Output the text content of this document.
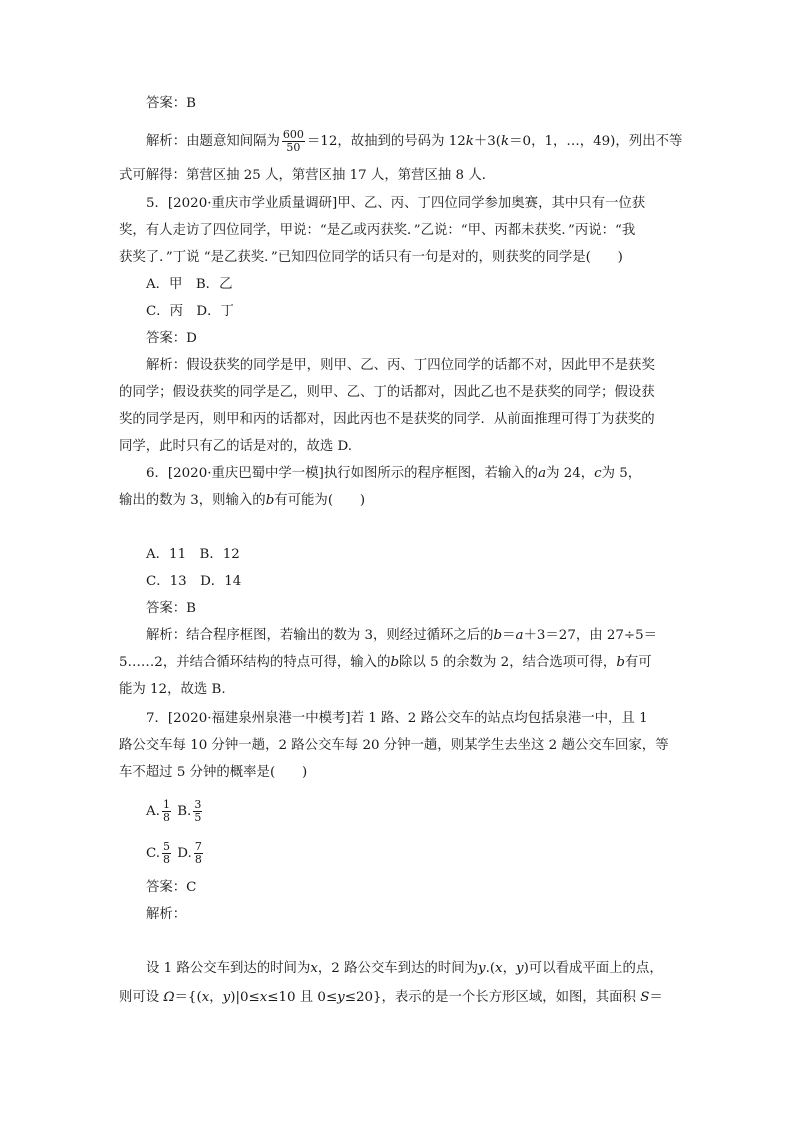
答案：B
解析：由题意知间隔为 $\frac{600}{50} =12$，故抽到的号码为 12k＋3(k＝0，1，…，49)，列出不等
式可解得：第营区抽 25 人，第营区抽 17 人，第营区抽 8 人．
5．[2020·重庆市学业质量调研]甲、乙、丙、丁四位同学参加奥赛，其中只有一位获
奖，有人走访了四位同学，甲说：“是乙或丙获奖．”乙说：“甲、丙都未获奖．”丙说：“我
获奖了．”丁说 “是乙获奖．”已知四位同学的话只有一句是对的，则获奖的同学是(　　)
A．甲　B．乙
C．丙　D．丁
答案：D
解析：假设获奖的同学是甲，则甲、乙、丙、丁四位同学的话都不对，因此甲不是获奖
的同学；假设获奖的同学是乙，则甲、乙、丁的话都对，因此乙也不是获奖的同学；假设获
奖的同学是丙，则甲和丙的话都对，因此丙也不是获奖的同学．从前面推理可得丁为获奖的
同学，此时只有乙的话是对的，故选 D.
6．[2020·重庆巴蜀中学一模]执行如图所示的程序框图，若输入的a为 24，c为 5，
输出的数为 3，则输入的b有可能为(　　)
A．11　B．12
C．13　D．14
答案：B
解析：结合程序框图，若输出的数为 3，则经过循环之后的b＝a＋3＝27，由 27÷5＝
5……2，并结合循环结构的特点可得，输入的b除以 5 的余数为 2，结合选项可得，b有可
能为 12，故选 B.
7．[2020·福建泉州泉港一中模考]若 1 路、2 路公交车的站点均包括泉港一中，且 1
路公交车每 10 分钟一趟，2 路公交车每 20 分钟一趟，则某学生去坐这 2 趟公交车回家，等
车不超过 5 分钟的概率是(　　)
A. $\frac{1}{8} B$. $\frac{3}{5}$
C. $\frac{5}{8} D$. $\frac{7}{8}$
答案：C
解析：
设 1 路公交车到达的时间为x，2 路公交车到达的时间为y.(x，y)可以看成平面上的点，
则可设 Ω＝{(x，y)|0≤x≤10 且 0≤y≤20}，表示的是一个长方形区域，如图，其面积 S＝
